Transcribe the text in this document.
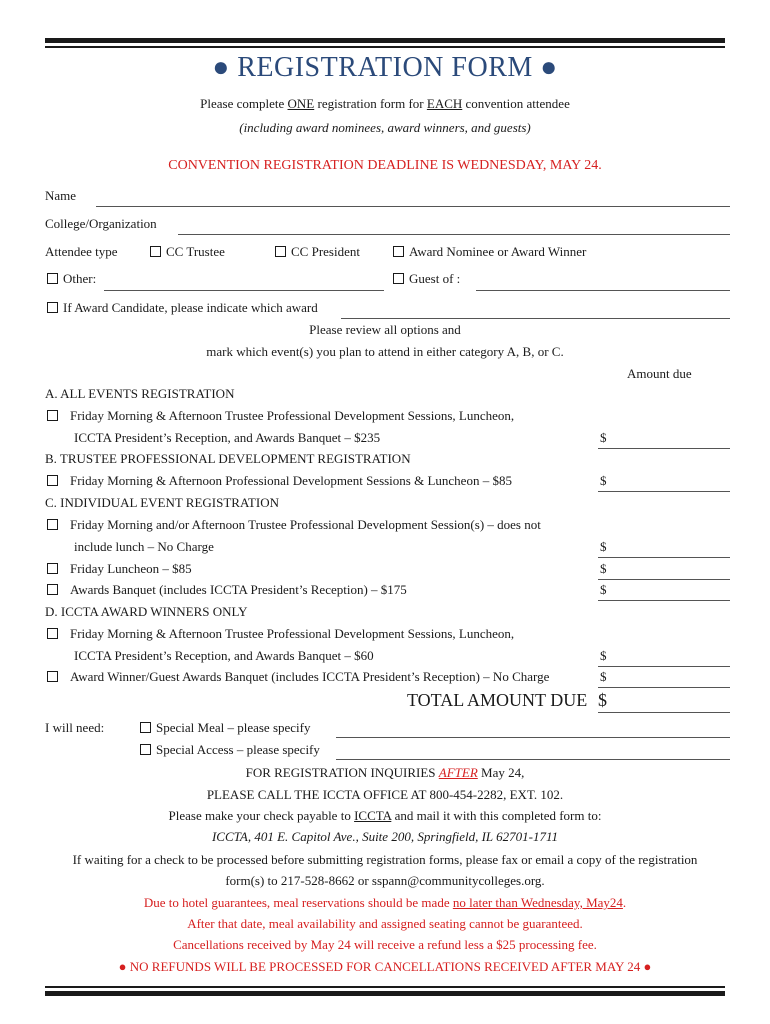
● REGISTRATION FORM ●
Please complete ONE registration form for EACH convention attendee
(including award nominees, award winners, and guests)
CONVENTION REGISTRATION DEADLINE IS WEDNESDAY, MAY 24.
Name
College/Organization
Attendee type	CC Trustee	CC President	Award Nominee or Award Winner
Other:	Guest of :
If Award Candidate, please indicate which award
Please review all options and
mark which event(s) you plan to attend in either category A, B, or C.
Amount due
A. ALL EVENTS REGISTRATION
Friday Morning & Afternoon Trustee Professional Development Sessions, Luncheon,
ICCTA President’s Reception, and Awards Banquet – $235	$
B. TRUSTEE PROFESSIONAL DEVELOPMENT REGISTRATION
Friday Morning & Afternoon Professional Development Sessions & Luncheon – $85	$
C. INDIVIDUAL EVENT REGISTRATION
Friday Morning and/or Afternoon Trustee Professional Development Session(s) – does not
include lunch – No Charge	$
Friday Luncheon – $85	$
Awards Banquet (includes ICCTA President’s Reception) – $175	$
D. ICCTA AWARD WINNERS ONLY
Friday Morning & Afternoon Trustee Professional Development Sessions, Luncheon,
ICCTA President’s Reception, and Awards Banquet – $60	$
Award Winner/Guest Awards Banquet (includes ICCTA President’s Reception) – No Charge	$
TOTAL AMOUNT DUE $
I will need:	Special Meal – please specify
Special Access – please specify
FOR REGISTRATION INQUIRIES AFTER May 24,
PLEASE CALL THE ICCTA OFFICE AT 800-454-2282, EXT. 102.
Please make your check payable to ICCTA and mail it with this completed form to:
ICCTA, 401 E. Capitol Ave., Suite 200, Springfield, IL 62701-1711
If waiting for a check to be processed before submitting registration forms, please fax or email a copy of the registration
form(s) to 217-528-8662 or sspann@communitycolleges.org.
Due to hotel guarantees, meal reservations should be made no later than Wednesday, May24.
After that date, meal availability and assigned seating cannot be guaranteed.
Cancellations received by May 24 will receive a refund less a $25 processing fee.
● NO REFUNDS WILL BE PROCESSED FOR CANCELLATIONS RECEIVED AFTER MAY 24 ●
